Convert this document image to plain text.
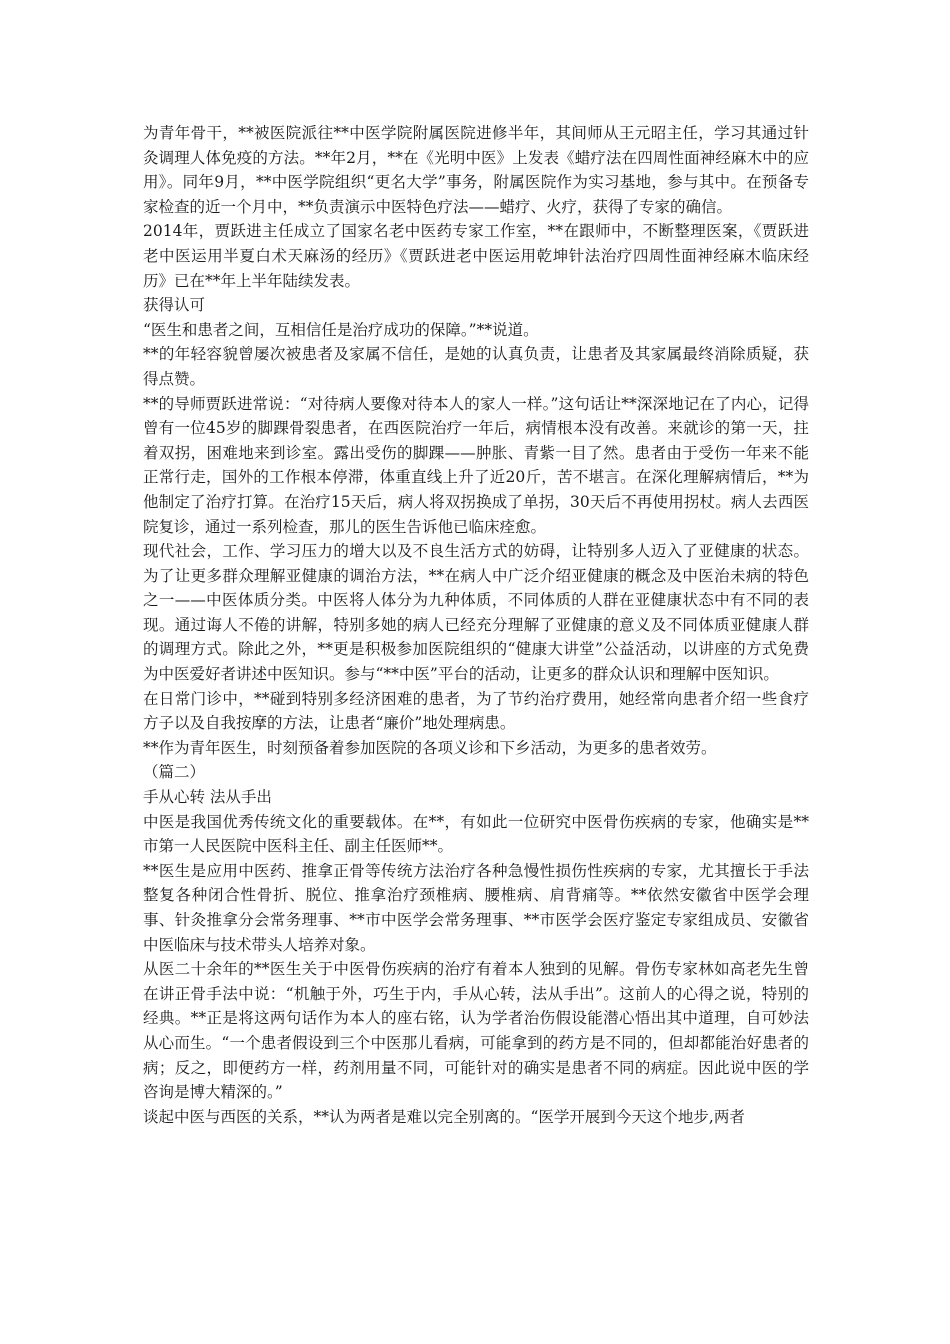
为青年骨干，**被医院派往**中医学院附属医院进修半年，其间师从王元昭主任，学习其通过针灸调理人体免疫的方法。**年2月，**在《光明中医》上发表《蜡疗法在四周性面神经麻木中的应用》。同年9月，**中医学院组织“更名大学”事务，附属医院作为实习基地，参与其中。在预备专家检查的近一个月中，**负责演示中医特色疗法——蜡疗、火疗，获得了专家的确信。

2014年，贾跃进主任成立了国家名老中医药专家工作室，**在跟师中，不断整理医案，《贾跃进老中医运用半夏白术天麻汤的经历》《贾跃进老中医运用乾坤针法治疗四周性面神经麻木临床经历》已在**年上半年陆续发表。

获得认可

“医生和患者之间，互相信任是治疗成功的保障。”**说道。

**的年轻容貌曾屡次被患者及家属不信任，是她的认真负责，让患者及其家属最终消除质疑，获得点赞。

**的导师贾跃进常说：“对待病人要像对待本人的家人一样。”这句话让**深深地记在了内心，记得曾有一位45岁的脚踝骨裂患者，在西医院治疗一年后，病情根本没有改善。来就诊的第一天，拄着双拐，困难地来到诊室。露出受伤的脚踝——肿胀、青紫一目了然。患者由于受伤一年来不能正常行走，国外的工作根本停滞，体重直线上升了近20斤，苦不堪言。在深化理解病情后，**为他制定了治疗打算。在治疗15天后，病人将双拐换成了单拐，30天后不再使用拐杖。病人去西医院复诊，通过一系列检查，那儿的医生告诉他已临床痊愈。

现代社会，工作、学习压力的增大以及不良生活方式的妨碍，让特别多人迈入了亚健康的状态。为了让更多群众理解亚健康的调治方法，**在病人中广泛介绍亚健康的概念及中医治未病的特色之一——中医体质分类。中医将人体分为九种体质，不同体质的人群在亚健康状态中有不同的表现。通过诲人不倦的讲解，特别多她的病人已经充分理解了亚健康的意义及不同体质亚健康人群的调理方式。除此之外，**更是积极参加医院组织的“健康大讲堂”公益活动，以讲座的方式免费为中医爱好者讲述中医知识。参与“**中医”平台的活动，让更多的群众认识和理解中医知识。

在日常门诊中，**碰到特别多经济困难的患者，为了节约治疗费用，她经常向患者介绍一些食疗方子以及自我按摩的方法，让患者“廉价”地处理病患。

**作为青年医生，时刻预备着参加医院的各项义诊和下乡活动，为更多的患者效劳。

（篇二）

手从心转 法从手出

中医是我国优秀传统文化的重要载体。在**，有如此一位研究中医骨伤疾病的专家，他确实是**市第一人民医院中医科主任、副主任医师**。

**医生是应用中医药、推拿正骨等传统方法治疗各种急慢性损伤性疾病的专家，尤其擅长于手法整复各种闭合性骨折、脱位、推拿治疗颈椎病、腰椎病、肩背痛等。**依然安徽省中医学会理事、针灸推拿分会常务理事、**市中医学会常务理事、**市医学会医疗鉴定专家组成员、安徽省中医临床与技术带头人培养对象。

从医二十余年的**医生关于中医骨伤疾病的治疗有着本人独到的见解。骨伤专家林如高老先生曾在讲正骨手法中说：“机触于外，巧生于内，手从心转，法从手出”。这前人的心得之说，特别的经典。**正是将这两句话作为本人的座右铭，认为学者治伤假设能潜心悟出其中道理，自可妙法从心而生。“一个患者假设到三个中医那儿看病，可能拿到的药方是不同的，但却都能治好患者的病；反之，即便药方一样，药剂用量不同，可能针对的确实是患者不同的病症。因此说中医的学咨询是博大精深的。”

谈起中医与西医的关系，**认为两者是难以完全别离的。“医学开展到今天这个地步,两者
